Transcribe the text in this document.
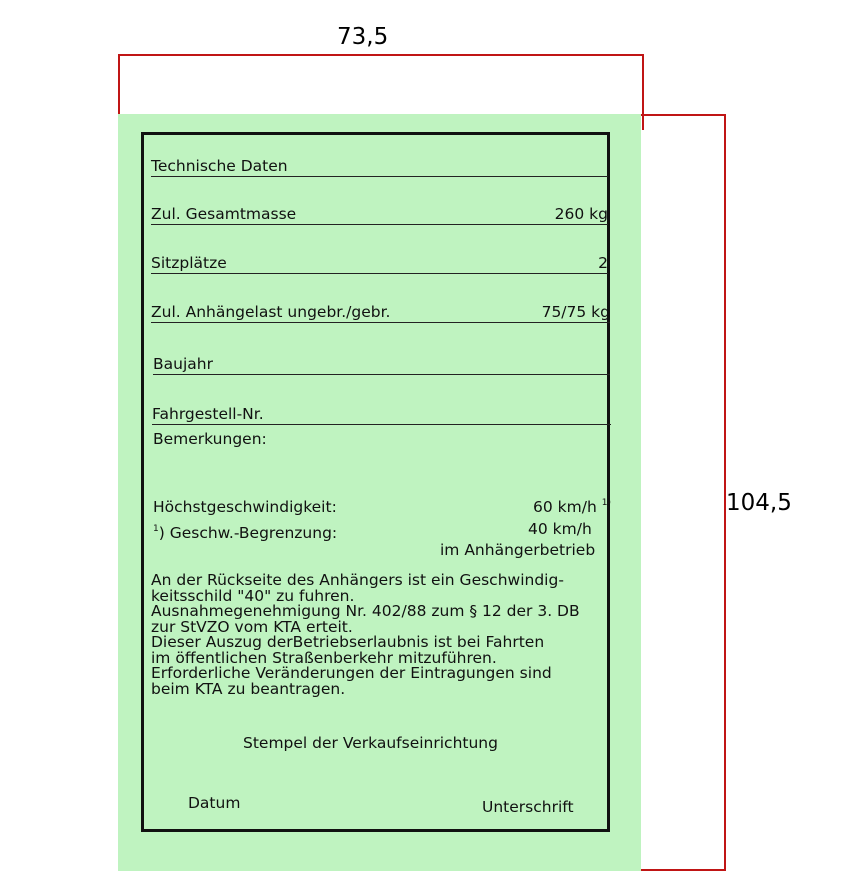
73,5
104,5
Technische Daten
Zul. Gesamtmasse	260 kg
Sitzplätze	2
Zul. Anhängelast ungebr./gebr.	75/75 kg
Baujahr
Fahrgestell-Nr.
Bemerkungen:
Höchstgeschwindigkeit:	60 km/h $^{1)}$
$^1$) Geschw.-Begrenzung:	40 km/h
im Anhängerbetrieb
An der Rückseite des Anhängers ist ein Geschwindig-
keitsschild "40" zu fuhren.
Ausnahmegenehmigung Nr. 402/88 zum § 12 der 3. DB
zur StVZO vom KTA erteit.
Dieser Auszug derBetriebserlaubnis ist bei Fahrten
im öffentlichen Straßenberkehr mitzuführen.
Erforderliche Veränderungen der Eintragungen sind
beim KTA zu beantragen.
Stempel der Verkaufseinrichtung
Datum	Unterschrift
